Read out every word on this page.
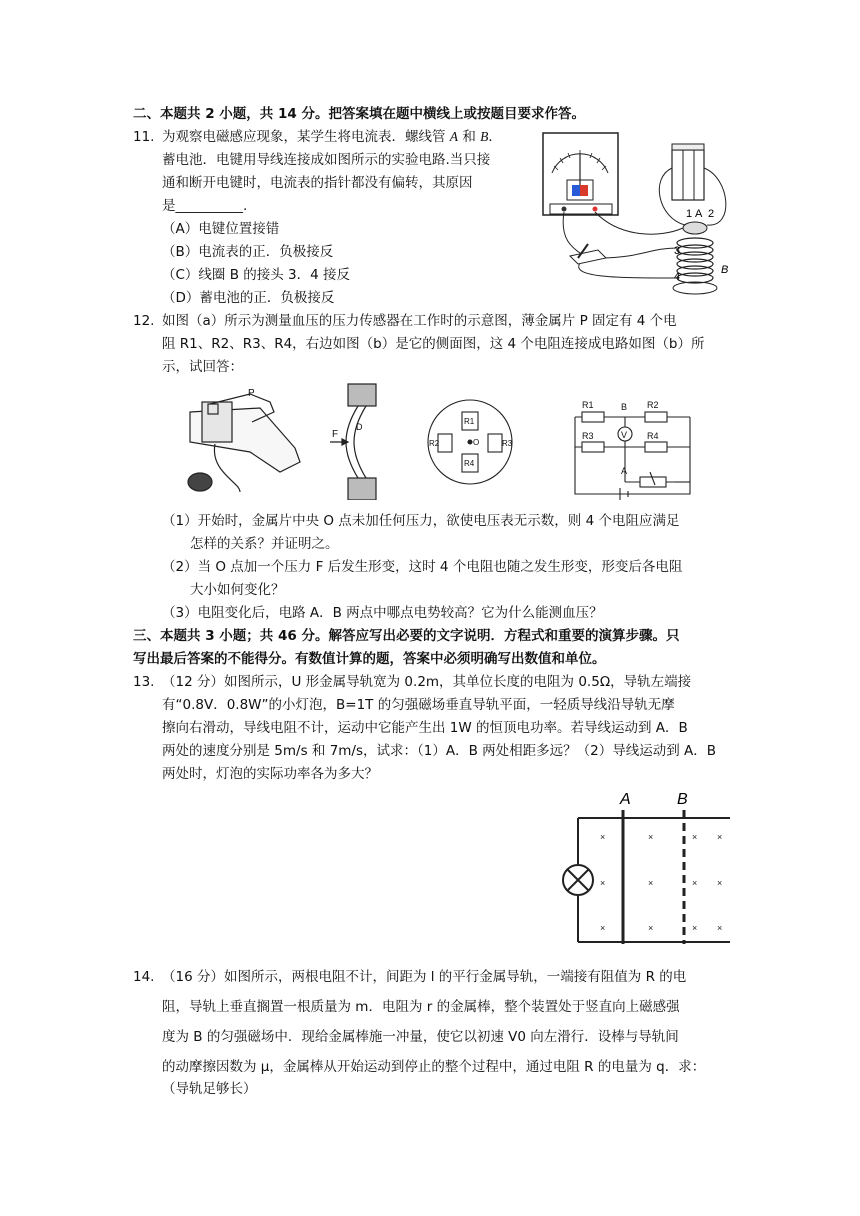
二、本题共 2 小题，共 14 分。把答案填在题中横线上或按题目要求作答。
11. 为观察电磁感应现象，某学生将电流表．螺线管 A 和 B．
蓄电池．电键用导线连接成如图所示的实验电路.当只接
通和断开电键时，电流表的指针都没有偏转，其原因
是__________.
（A）电键位置接错
（B）电流表的正．负极接反
（C）线圈 B 的接头 3．4 接反
（D）蓄电池的正．负极接反
1 A 2
3
4
B
12. 如图（a）所示为测量血压的压力传感器在工作时的示意图，薄金属片 P 固定有 4 个电
阻 R1、R2、R3、R4，右边如图（b）是它的侧面图，这 4 个电阻连接成电路如图（b）所
示，试回答：
P
F
D
R1
R2	R3
R4
O
R1	B R2
R3	V R4
A
（1）开始时，金属片中央 O 点未加任何压力，欲使电压表无示数，则 4 个电阻应满足
怎样的关系？并证明之。
（2）当 O 点加一个压力 F 后发生形变，这时 4 个电阻也随之发生形变，形变后各电阻
大小如何变化？
（3）电阻变化后，电路 A．B 两点中哪点电势较高？它为什么能测血压？
三、本题共 3 小题；共 46 分。解答应写出必要的文字说明．方程式和重要的演算步骤。只
写出最后答案的不能得分。有数值计算的题，答案中必须明确写出数值和单位。
13. （12 分）如图所示，U 形金属导轨宽为 0.2m，其单位长度的电阻为 0.5Ω，导轨左端接
有“0.8V．0.8W”的小灯泡，B=1T 的匀强磁场垂直导轨平面，一轻质导线沿导轨无摩
擦向右滑动，导线电阻不计，运动中它能产生出 1W 的恒顶电功率。若导线运动到 A．B
两处的速度分别是 5m/s 和 7m/s，试求：（1）A．B 两处相距多远？（2）导线运动到 A．B
两处时，灯泡的实际功率各为多大？
A	B
×	×	× ×
×	×	× ×
×	×	× ×
14. （16 分）如图所示，两根电阻不计，间距为 l 的平行金属导轨，一端接有阻值为 R 的电
阻，导轨上垂直搁置一根质量为 m．电阻为 r 的金属棒，整个装置处于竖直向上磁感强
度为 B 的匀强磁场中．现给金属棒施一冲量，使它以初速 V0 向左滑行．设棒与导轨间
的动摩擦因数为 μ，金属棒从开始运动到停止的整个过程中，通过电阻 R 的电量为 q．求：
（导轨足够长）
